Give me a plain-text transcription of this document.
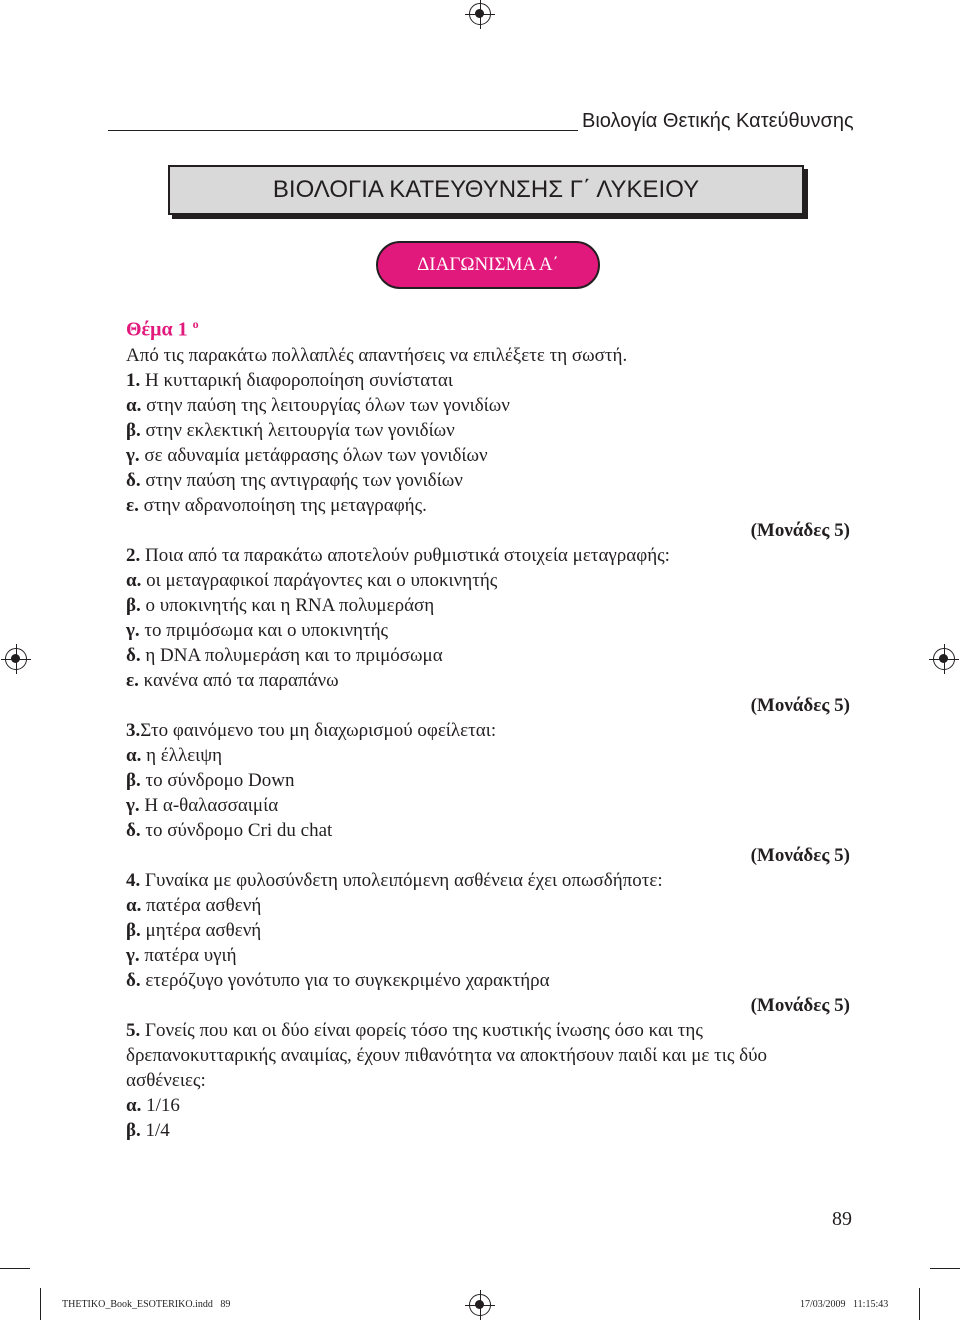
Βιολογία Θετικής Κατεύθυνσης
ΒΙΟΛΟΓΙΑ ΚΑΤΕΥΘΥΝΣΗΣ Γ΄ ΛΥΚΕΙΟΥ
ΔΙΑΓΩΝΙΣΜΑ Α΄
Θέμα 1 $^o$
Από τις παρακάτω πολλαπλές απαντήσεις να επιλέξετε τη σωστή.
1. Η κυτταρική διαφοροποίηση συνίσταται
α. στην παύση της λειτουργίας όλων των γονιδίων
β. στην εκλεκτική λειτουργία των γονιδίων
γ. σε αδυναμία μετάφρασης όλων των γονιδίων
δ. στην παύση της αντιγραφής των γονιδίων
ε. στην αδρανοποίηση της μεταγραφής.
(Μονάδες 5)
2. Ποια από τα παρακάτω αποτελούν ρυθμιστικά στοιχεία μεταγραφής:
α. οι μεταγραφικοί παράγοντες και ο υποκινητής
β. ο υποκινητής και η RNA πολυμεράση
γ. το πριμόσωμα και ο υποκινητής
δ. η DNA πολυμεράση και το πριμόσωμα
ε. κανένα από τα παραπάνω
(Μονάδες 5)
3.Στο φαινόμενο του μη διαχωρισμού οφείλεται:
α. η έλλειψη
β. το σύνδρομο Down
γ. Η α-θαλασσαιμία
δ. το σύνδρομο Cri du chat
(Μονάδες 5)
4. Γυναίκα με φυλοσύνδετη υπολειπόμενη ασθένεια έχει οπωσδήποτε:
α. πατέρα ασθενή
β. μητέρα ασθενή
γ. πατέρα υγιή
δ. ετερόζυγο γονότυπο για το συγκεκριμένο χαρακτήρα
(Μονάδες 5)
5. Γονείς που και οι δύο είναι φορείς τόσο της κυστικής ίνωσης όσο και της δρεπανοκυτταρικής αναιμίας, έχουν πιθανότητα να αποκτήσουν παιδί και με τις δύο ασθένειες:
α. 1/16
β. 1/4
89
THETIKO_Book_ESOTERIKO.indd   89	17/03/2009   11:15:43
